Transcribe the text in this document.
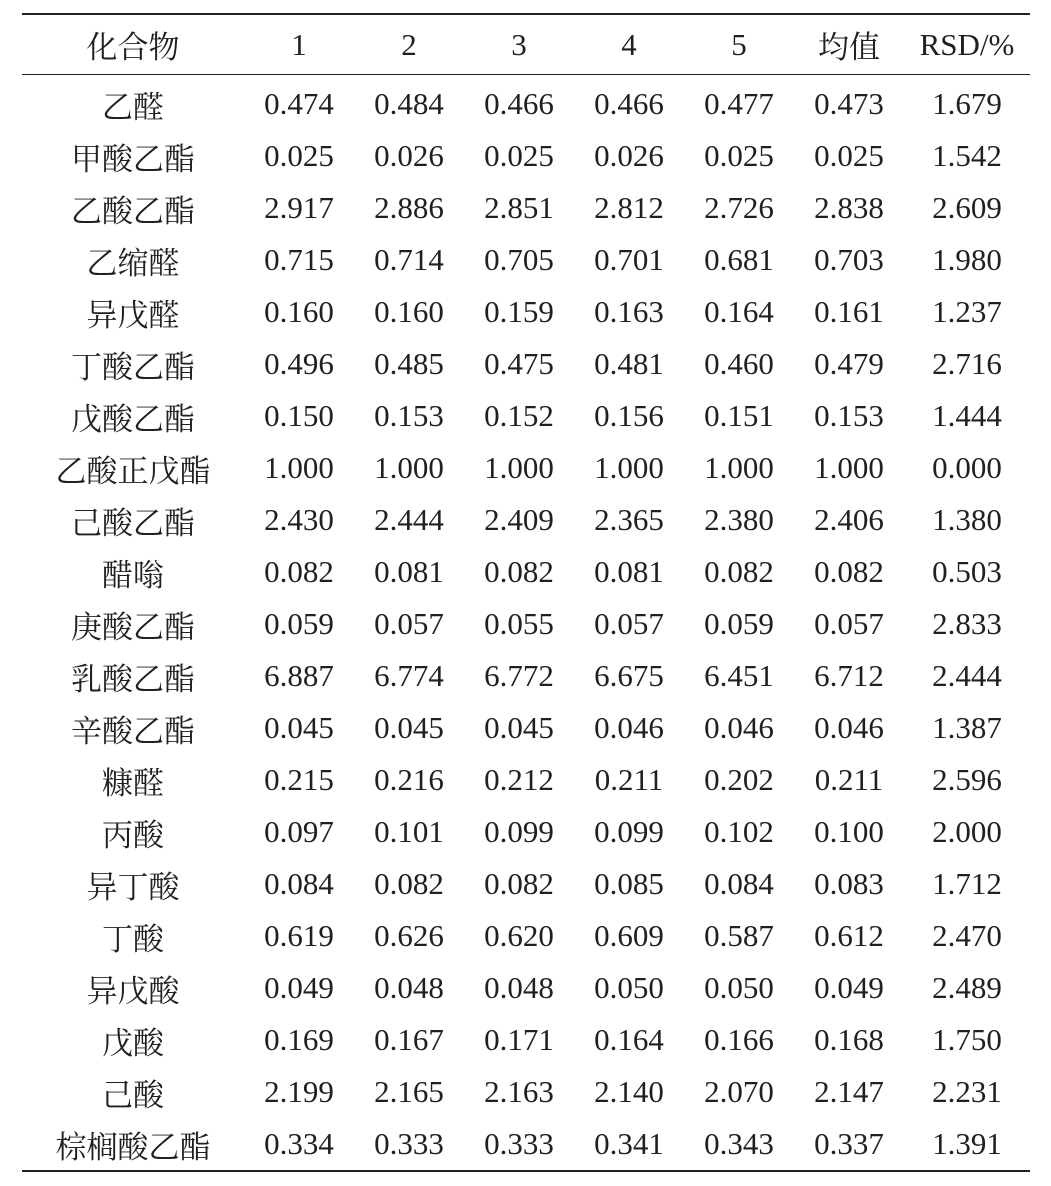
化合物	1	2	3	4	5	均值	RSD/%
乙醛	0.474	0.484	0.466	0.466	0.477	0.473	1.679
甲酸乙酯	0.025	0.026	0.025	0.026	0.025	0.025	1.542
乙酸乙酯	2.917	2.886	2.851	2.812	2.726	2.838	2.609
乙缩醛	0.715	0.714	0.705	0.701	0.681	0.703	1.980
异戊醛	0.160	0.160	0.159	0.163	0.164	0.161	1.237
丁酸乙酯	0.496	0.485	0.475	0.481	0.460	0.479	2.716
戊酸乙酯	0.150	0.153	0.152	0.156	0.151	0.153	1.444
乙酸正戊酯	1.000	1.000	1.000	1.000	1.000	1.000	0.000
己酸乙酯	2.430	2.444	2.409	2.365	2.380	2.406	1.380
醋嗡	0.082	0.081	0.082	0.081	0.082	0.082	0.503
庚酸乙酯	0.059	0.057	0.055	0.057	0.059	0.057	2.833
乳酸乙酯	6.887	6.774	6.772	6.675	6.451	6.712	2.444
辛酸乙酯	0.045	0.045	0.045	0.046	0.046	0.046	1.387
糠醛	0.215	0.216	0.212	0.211	0.202	0.211	2.596
丙酸	0.097	0.101	0.099	0.099	0.102	0.100	2.000
异丁酸	0.084	0.082	0.082	0.085	0.084	0.083	1.712
丁酸	0.619	0.626	0.620	0.609	0.587	0.612	2.470
异戊酸	0.049	0.048	0.048	0.050	0.050	0.049	2.489
戊酸	0.169	0.167	0.171	0.164	0.166	0.168	1.750
己酸	2.199	2.165	2.163	2.140	2.070	2.147	2.231
棕榈酸乙酯	0.334	0.333	0.333	0.341	0.343	0.337	1.391
